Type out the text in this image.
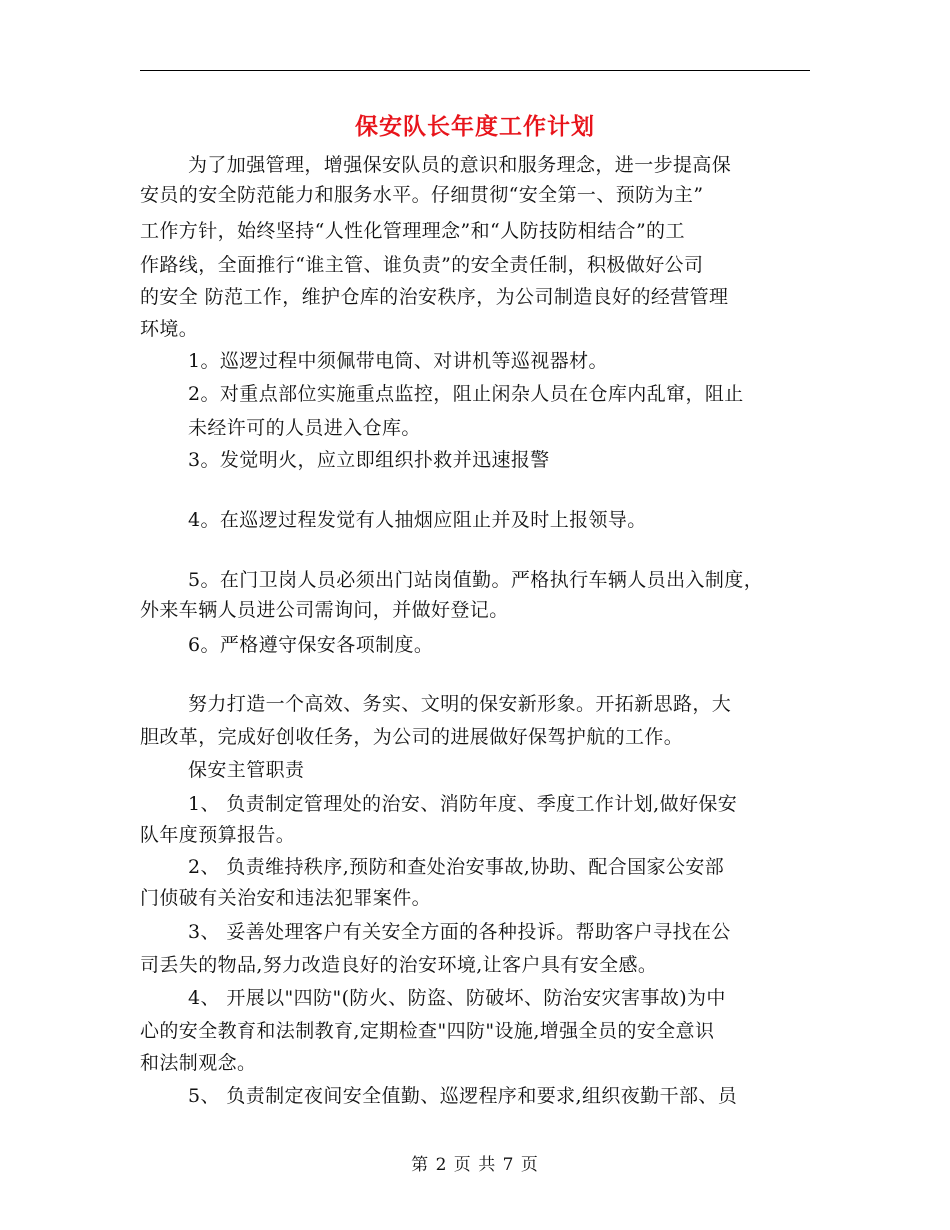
保安队长年度工作计划
为了加强管理，增强保安队员的意识和服务理念，进一步提高保
安员的安全防范能力和服务水平。仔细贯彻“安全第一、预防为主”
工作方针，始终坚持“人性化管理理念”和“人防技防相结合”的工
作路线，全面推行“谁主管、谁负责”的安全责任制，积极做好公司
的安全 防范工作，维护仓库的治安秩序，为公司制造良好的经营管理
环境。
1。巡逻过程中须佩带电筒、对讲机等巡视器材。
2。对重点部位实施重点监控，阻止闲杂人员在仓库内乱窜，阻止
未经许可的人员进入仓库。
3。发觉明火，应立即组织扑救并迅速报警
4。在巡逻过程发觉有人抽烟应阻止并及时上报领导。
5。在门卫岗人员必须出门站岗值勤。严格执行车辆人员出入制度，
外来车辆人员进公司需询问，并做好登记。
6。严格遵守保安各项制度。
努力打造一个高效、务实、文明的保安新形象。开拓新思路，大
胆改革，完成好创收任务，为公司的进展做好保驾护航的工作。
保安主管职责
1、 负责制定管理处的治安、消防年度、季度工作计划,做好保安
队年度预算报告。
2、 负责维持秩序,预防和查处治安事故,协助、配合国家公安部
门侦破有关治安和违法犯罪案件。
3、 妥善处理客户有关安全方面的各种投诉。帮助客户寻找在公
司丢失的物品,努力改造良好的治安环境,让客户具有安全感。
4、 开展以"四防"(防火、防盗、防破坏、防治安灾害事故)为中
心的安全教育和法制教育,定期检查"四防"设施,增强全员的安全意识
和法制观念。
5、 负责制定夜间安全值勤、巡逻程序和要求,组织夜勤干部、员
第 2 页 共 7 页
